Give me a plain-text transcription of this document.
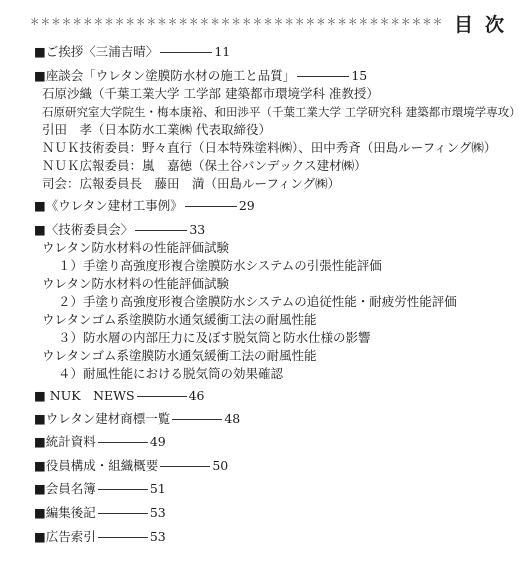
＊＊＊＊＊＊＊＊＊＊＊＊＊＊＊＊＊＊＊＊＊＊＊＊＊＊＊＊＊＊＊＊＊＊＊＊＊＊＊ 目次
■ご挨拶〈三浦吉晴〉	11
■座談会「ウレタン塗膜防水材の施工と品質」	15
石原沙織（千葉工業大学 工学部 建築都市環境学科 准教授）
石原研究室大学院生・梅本康裕、和田渉平（千葉工業大学 工学研究科 建築都市環境学専攻）
引田　孝（日本防水工業㈱ 代表取締役）
ＮＵＫ技術委員：野々直行（日本特殊塗料㈱）、田中秀斉（田島ルーフィング㈱）
ＮＵＫ広報委員：嵐　嘉徳（保土谷バンデックス建材㈱）
司会：広報委員長　藤田　満（田島ルーフィング㈱）
■《ウレタン建材工事例》	29
■〈技術委員会〉	33
ウレタン防水材料の性能評価試験
１）手塗り高強度形複合塗膜防水システムの引張性能評価
ウレタン防水材料の性能評価試験
２）手塗り高強度形複合塗膜防水システムの追従性能・耐疲労性能評価
ウレタンゴム系塗膜防水通気緩衝工法の耐風性能
３）防水層の内部圧力に及ぼす脱気筒と防水仕様の影響
ウレタンゴム系塗膜防水通気緩衝工法の耐風性能
４）耐風性能における脱気筒の効果確認
■ NUK　NEWS	46
■ウレタン建材商標一覧	48
■統計資料	49
■役員構成・組織概要	50
■会員名簿	51
■編集後記	53
■広告索引	53
